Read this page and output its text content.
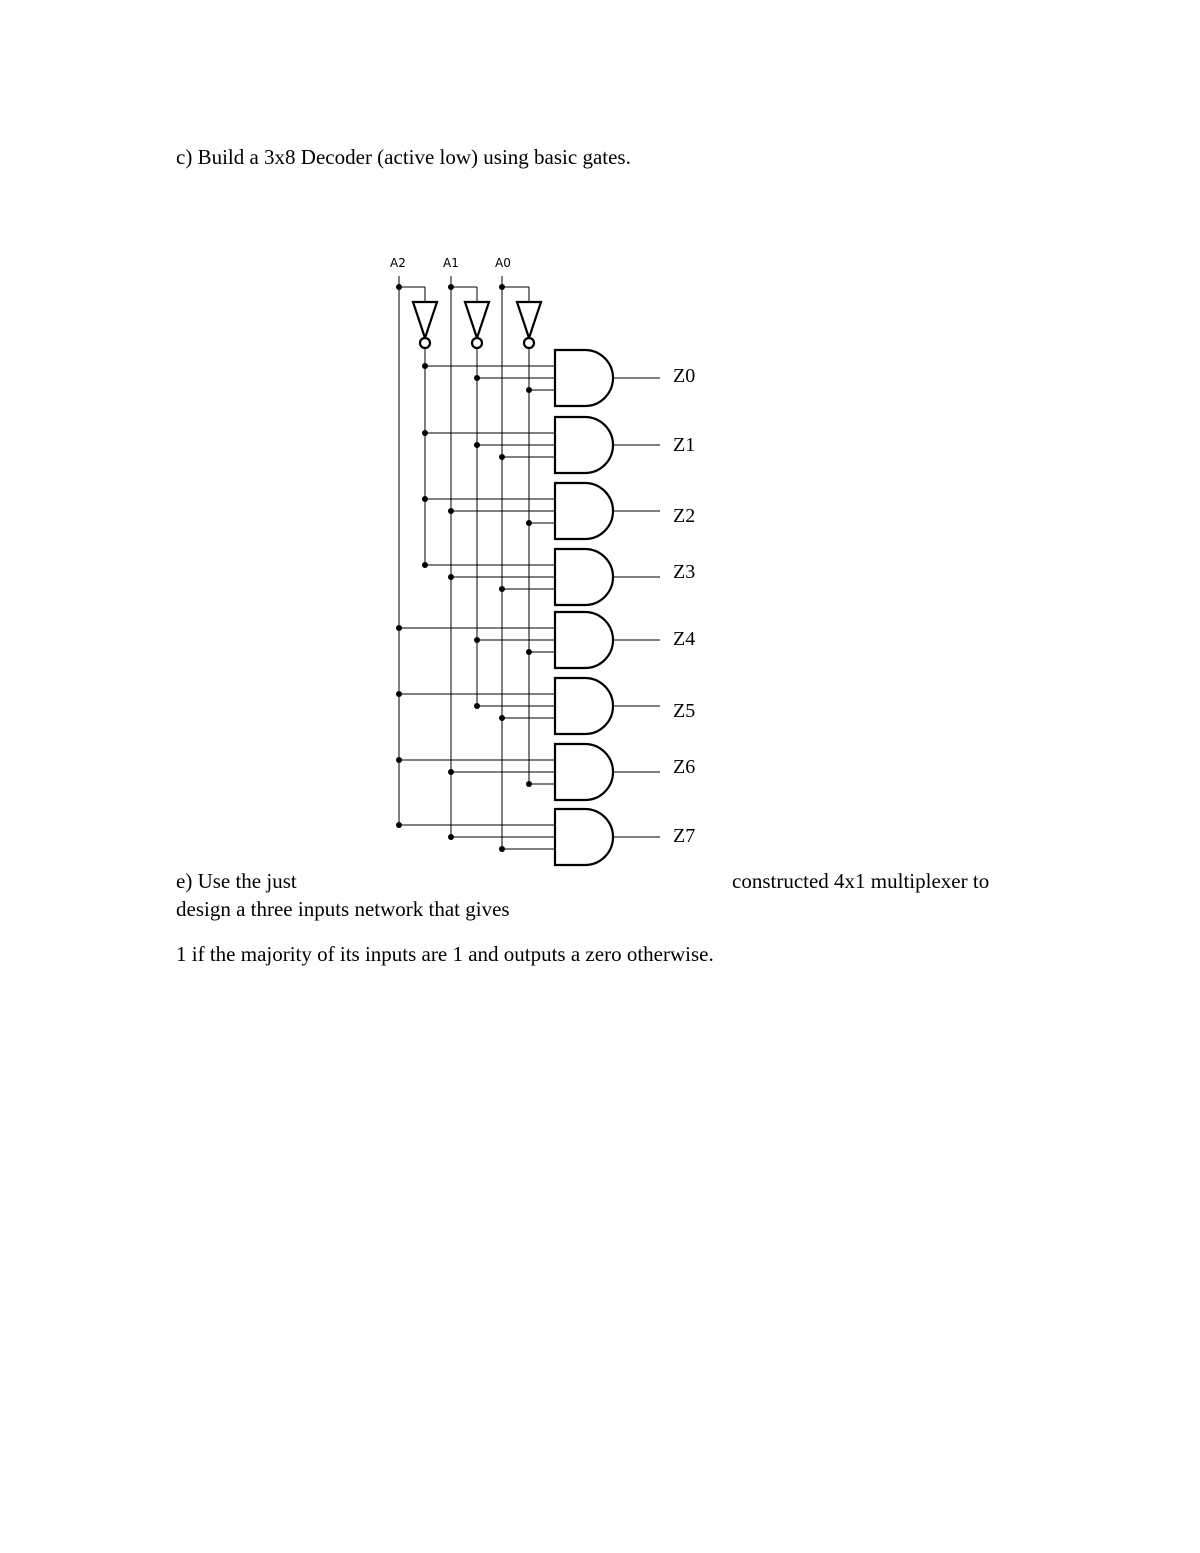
c) Build a 3x8 Decoder (active low) using basic gates.

A2	A1	A0
Z0
Z1
Z2
Z3
Z4
Z5
Z6
Z7

e) Use the just	constructed 4x1 multiplexer to

design a three inputs network that gives

1 if the majority of its inputs are 1 and outputs a zero otherwise.
